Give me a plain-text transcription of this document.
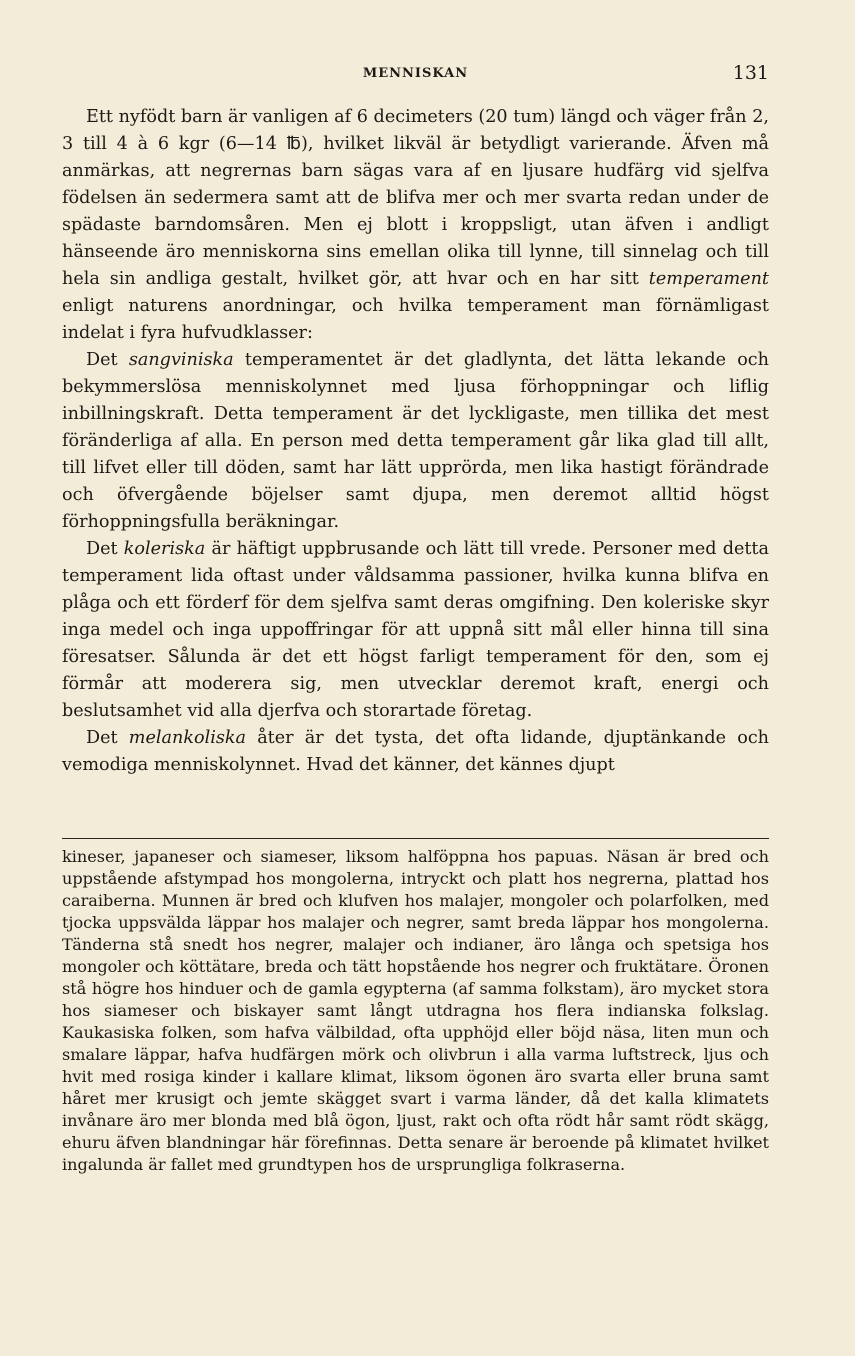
MENNISKAN	131

Ett nyfödt barn är vanligen af 6 decimeters (20 tum) längd och väger från 2, 3 till 4 à 6 kgr (6—14 ℔), hvilket likväl är betydligt varierande. Äfven må anmärkas, att negrernas barn sägas vara af en ljusare hudfärg vid sjelfva födelsen än sedermera samt att de blifva mer och mer svarta redan under de spädaste barndomsåren. Men ej blott i kroppsligt, utan äfven i andligt hänseende äro menniskorna sins emellan olika till lynne, till sinnelag och till hela sin andliga gestalt, hvilket gör, att hvar och en har sitt temperament enligt naturens anordningar, och hvilka temperament man förnämligast indelat i fyra hufvudklasser:

Det sangviniska temperamentet är det gladlynta, det lätta lekande och bekymmerslösa menniskolynnet med ljusa förhoppningar och liflig inbillningskraft. Detta temperament är det lyckligaste, men tillika det mest föränderliga af alla. En person med detta temperament går lika glad till allt, till lifvet eller till döden, samt har lätt upprörda, men lika hastigt förändrade och öfvergående böjelser samt djupa, men deremot alltid högst förhoppningsfulla beräkningar.

Det koleriska är häftigt uppbrusande och lätt till vrede. Personer med detta temperament lida oftast under våldsamma passioner, hvilka kunna blifva en plåga och ett förderf för dem sjelfva samt deras omgifning. Den koleriske skyr inga medel och inga uppoffringar för att uppnå sitt mål eller hinna till sina föresatser. Sålunda är det ett högst farligt temperament för den, som ej förmår att moderera sig, men utvecklar deremot kraft, energi och beslutsamhet vid alla djerfva och storartade företag.

Det melankoliska åter är det tysta, det ofta lidande, djuptänkande och vemodiga menniskolynnet. Hvad det känner, det kännes djupt

kineser, japaneser och siameser, liksom halföppna hos papuas. Näsan är bred och uppstående afstympad hos mongolerna, intryckt och platt hos negrerna, plattad hos caraiberna. Munnen är bred och klufven hos malajer, mongoler och polarfolken, med tjocka uppsvälda läppar hos malajer och negrer, samt breda läppar hos mongolerna. Tänderna stå snedt hos negrer, malajer och indianer, äro långa och spetsiga hos mongoler och köttätare, breda och tätt hopstående hos negrer och fruktätare. Öronen stå högre hos hinduer och de gamla egypterna (af samma folkstam), äro mycket stora hos siameser och biskayer samt långt utdragna hos flera indianska folkslag. Kaukasiska folken, som hafva välbildad, ofta upphöjd eller böjd näsa, liten mun och smalare läppar, hafva hudfärgen mörk och olivbrun i alla varma luftstreck, ljus och hvit med rosiga kinder i kallare klimat, liksom ögonen äro svarta eller bruna samt håret mer krusigt och jemte skägget svart i varma länder, då det kalla klimatets invånare äro mer blonda med blå ögon, ljust, rakt och ofta rödt hår samt rödt skägg, ehuru äfven blandningar här förefinnas. Detta senare är beroende på klimatet hvilket ingalunda är fallet med grundtypen hos de ursprungliga folkraserna.
